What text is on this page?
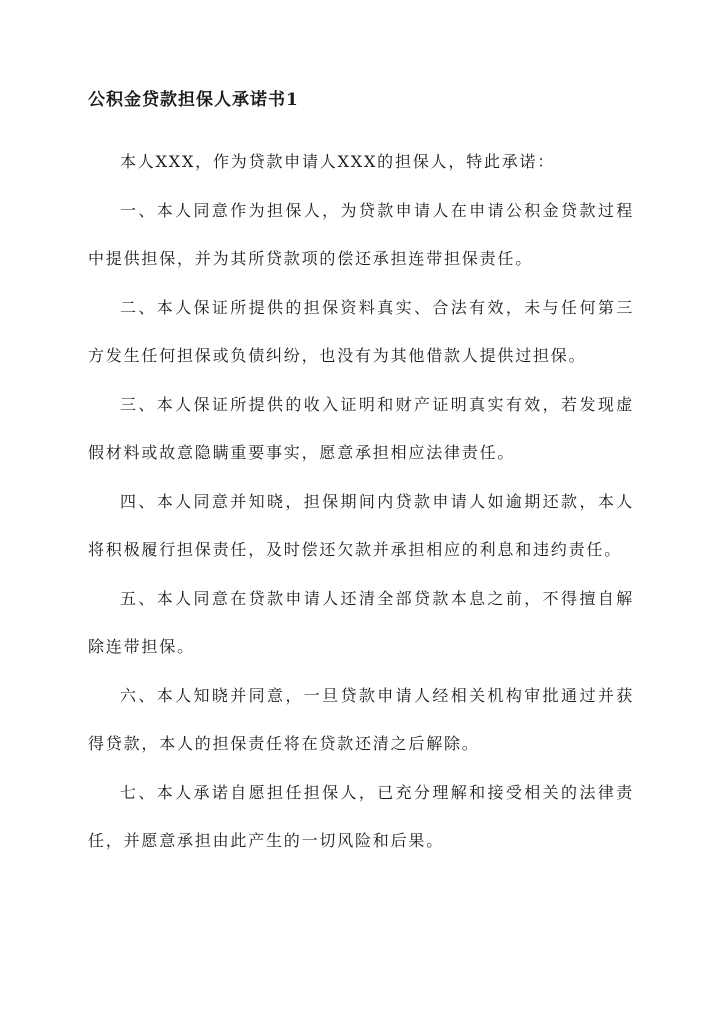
公积金贷款担保人承诺书1

本人XXX，作为贷款申请人XXX的担保人，特此承诺：

一、本人同意作为担保人，为贷款申请人在申请公积金贷款过程中提供担保，并为其所贷款项的偿还承担连带担保责任。

二、本人保证所提供的担保资料真实、合法有效，未与任何第三方发生任何担保或负债纠纷，也没有为其他借款人提供过担保。

三、本人保证所提供的收入证明和财产证明真实有效，若发现虚假材料或故意隐瞒重要事实，愿意承担相应法律责任。

四、本人同意并知晓，担保期间内贷款申请人如逾期还款，本人将积极履行担保责任，及时偿还欠款并承担相应的利息和违约责任。

五、本人同意在贷款申请人还清全部贷款本息之前，不得擅自解除连带担保。

六、本人知晓并同意，一旦贷款申请人经相关机构审批通过并获得贷款，本人的担保责任将在贷款还清之后解除。

七、本人承诺自愿担任担保人，已充分理解和接受相关的法律责任，并愿意承担由此产生的一切风险和后果。
